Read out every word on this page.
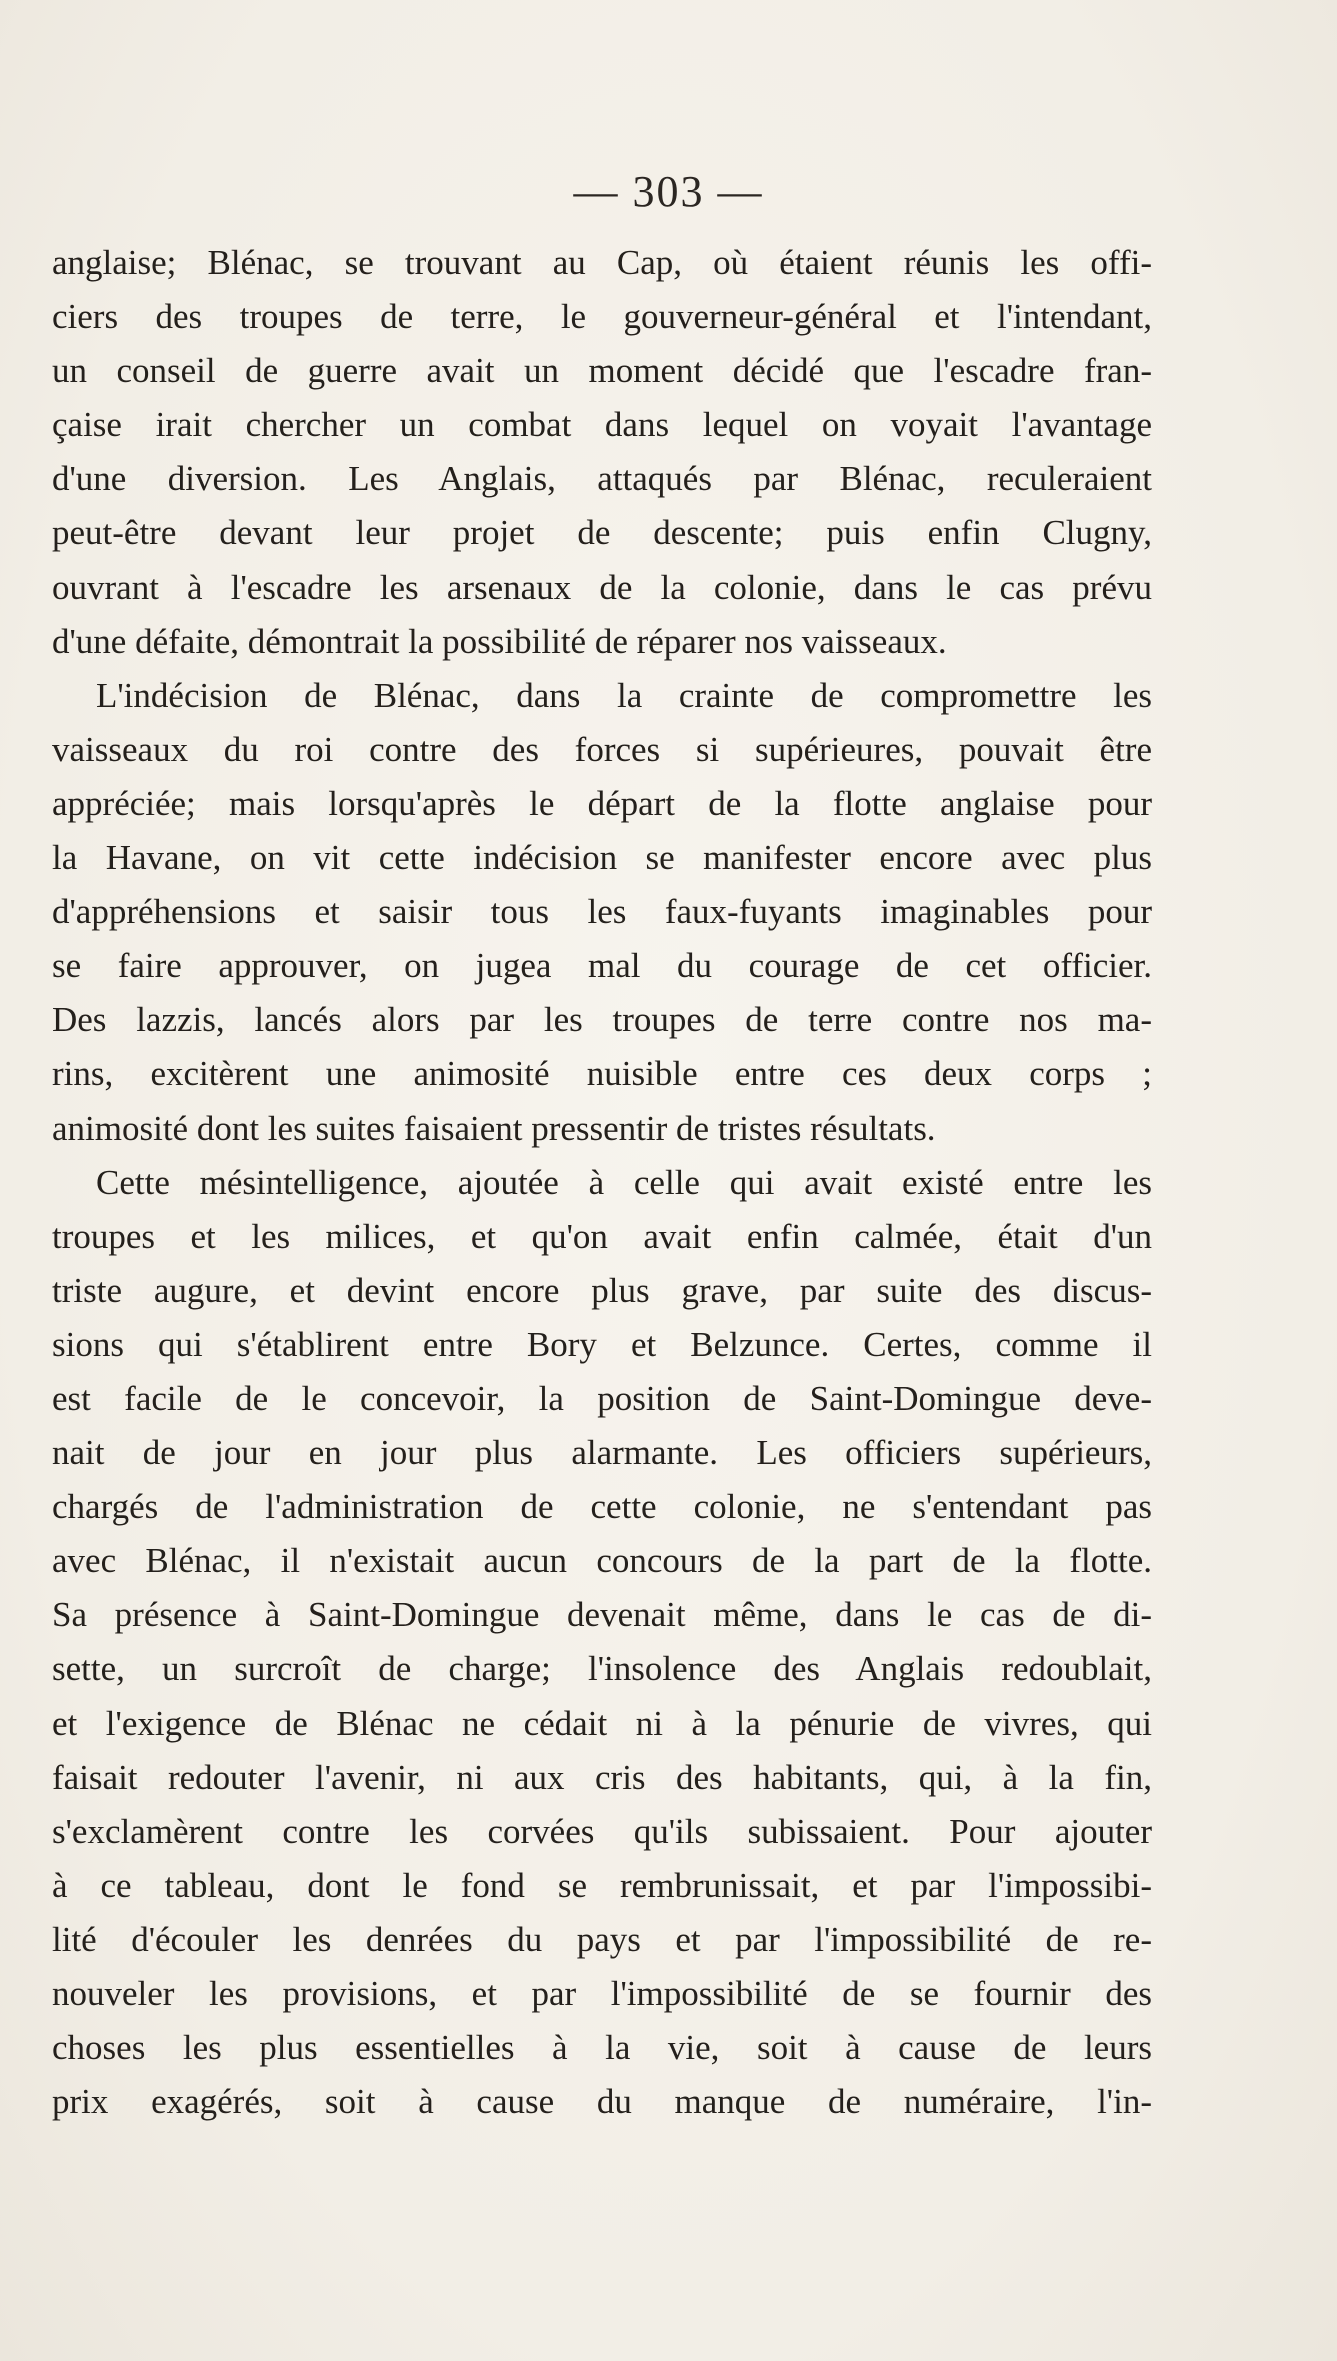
— 303 —
anglaise; Blénac, se trouvant au Cap, où étaient réunis les offi-
ciers des troupes de terre, le gouverneur-général et l'intendant,
un conseil de guerre avait un moment décidé que l'escadre fran-
çaise irait chercher un combat dans lequel on voyait l'avantage
d'une diversion. Les Anglais, attaqués par Blénac, reculeraient
peut-être devant leur projet de descente; puis enfin Clugny,
ouvrant à l'escadre les arsenaux de la colonie, dans le cas prévu
d'une défaite, démontrait la possibilité de réparer nos vaisseaux.
L'indécision de Blénac, dans la crainte de compromettre les
vaisseaux du roi contre des forces si supérieures, pouvait être
appréciée; mais lorsqu'après le départ de la flotte anglaise pour
la Havane, on vit cette indécision se manifester encore avec plus
d'appréhensions et saisir tous les faux-fuyants imaginables pour
se faire approuver, on jugea mal du courage de cet officier.
Des lazzis, lancés alors par les troupes de terre contre nos ma-
rins, excitèrent une animosité nuisible entre ces deux corps ;
animosité dont les suites faisaient pressentir de tristes résultats.
Cette mésintelligence, ajoutée à celle qui avait existé entre les
troupes et les milices, et qu'on avait enfin calmée, était d'un
triste augure, et devint encore plus grave, par suite des discus-
sions qui s'établirent entre Bory et Belzunce. Certes, comme il
est facile de le concevoir, la position de Saint-Domingue deve-
nait de jour en jour plus alarmante. Les officiers supérieurs,
chargés de l'administration de cette colonie, ne s'entendant pas
avec Blénac, il n'existait aucun concours de la part de la flotte.
Sa présence à Saint-Domingue devenait même, dans le cas de di-
sette, un surcroît de charge; l'insolence des Anglais redoublait,
et l'exigence de Blénac ne cédait ni à la pénurie de vivres, qui
faisait redouter l'avenir, ni aux cris des habitants, qui, à la fin,
s'exclamèrent contre les corvées qu'ils subissaient. Pour ajouter
à ce tableau, dont le fond se rembrunissait, et par l'impossibi-
lité d'écouler les denrées du pays et par l'impossibilité de re-
nouveler les provisions, et par l'impossibilité de se fournir des
choses les plus essentielles à la vie, soit à cause de leurs
prix exagérés, soit à cause du manque de numéraire, l'in-
